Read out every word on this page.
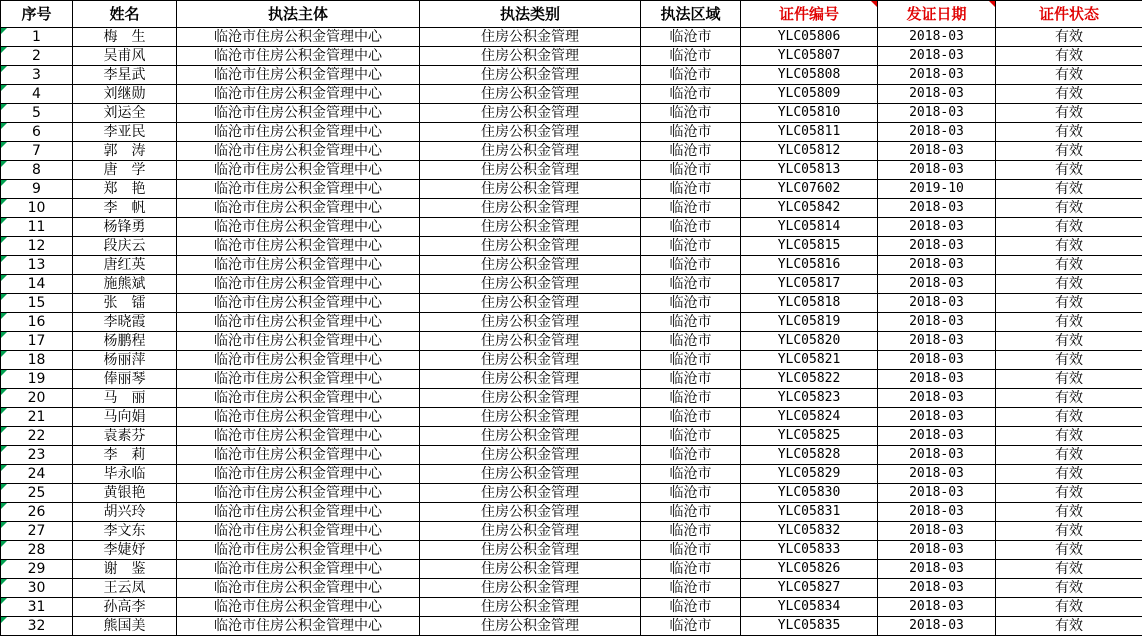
序号	姓名	执法主体	执法类别	执法区域	证件编号	发证日期	证件状态

1	梅　生	临沧市住房公积金管理中心	住房公积金管理	临沧市	YLC05806	2018-03	有效

2	吴甫风	临沧市住房公积金管理中心	住房公积金管理	临沧市	YLC05807	2018-03	有效

3	李星武	临沧市住房公积金管理中心	住房公积金管理	临沧市	YLC05808	2018-03	有效

4	刘继勋	临沧市住房公积金管理中心	住房公积金管理	临沧市	YLC05809	2018-03	有效

5	刘运全	临沧市住房公积金管理中心	住房公积金管理	临沧市	YLC05810	2018-03	有效

6	李亚民	临沧市住房公积金管理中心	住房公积金管理	临沧市	YLC05811	2018-03	有效

7	郭　涛	临沧市住房公积金管理中心	住房公积金管理	临沧市	YLC05812	2018-03	有效

8	唐　学	临沧市住房公积金管理中心	住房公积金管理	临沧市	YLC05813	2018-03	有效

9	郑　艳	临沧市住房公积金管理中心	住房公积金管理	临沧市	YLC07602	2019-10	有效

10	李　帆	临沧市住房公积金管理中心	住房公积金管理	临沧市	YLC05842	2018-03	有效

11	杨锋勇	临沧市住房公积金管理中心	住房公积金管理	临沧市	YLC05814	2018-03	有效

12	段庆云	临沧市住房公积金管理中心	住房公积金管理	临沧市	YLC05815	2018-03	有效

13	唐红英	临沧市住房公积金管理中心	住房公积金管理	临沧市	YLC05816	2018-03	有效

14	施熊斌	临沧市住房公积金管理中心	住房公积金管理	临沧市	YLC05817	2018-03	有效

15	张　镭	临沧市住房公积金管理中心	住房公积金管理	临沧市	YLC05818	2018-03	有效

16	李晓霞	临沧市住房公积金管理中心	住房公积金管理	临沧市	YLC05819	2018-03	有效

17	杨鹏程	临沧市住房公积金管理中心	住房公积金管理	临沧市	YLC05820	2018-03	有效

18	杨丽萍	临沧市住房公积金管理中心	住房公积金管理	临沧市	YLC05821	2018-03	有效

19	俸丽琴	临沧市住房公积金管理中心	住房公积金管理	临沧市	YLC05822	2018-03	有效

20	马　丽	临沧市住房公积金管理中心	住房公积金管理	临沧市	YLC05823	2018-03	有效

21	马向娟	临沧市住房公积金管理中心	住房公积金管理	临沧市	YLC05824	2018-03	有效

22	袁素芬	临沧市住房公积金管理中心	住房公积金管理	临沧市	YLC05825	2018-03	有效

23	李　莉	临沧市住房公积金管理中心	住房公积金管理	临沧市	YLC05828	2018-03	有效

24	毕永临	临沧市住房公积金管理中心	住房公积金管理	临沧市	YLC05829	2018-03	有效

25	黄银艳	临沧市住房公积金管理中心	住房公积金管理	临沧市	YLC05830	2018-03	有效

26	胡兴玲	临沧市住房公积金管理中心	住房公积金管理	临沧市	YLC05831	2018-03	有效

27	李文东	临沧市住房公积金管理中心	住房公积金管理	临沧市	YLC05832	2018-03	有效

28	李婕妤	临沧市住房公积金管理中心	住房公积金管理	临沧市	YLC05833	2018-03	有效

29	谢　鉴	临沧市住房公积金管理中心	住房公积金管理	临沧市	YLC05826	2018-03	有效

30	王云凤	临沧市住房公积金管理中心	住房公积金管理	临沧市	YLC05827	2018-03	有效

31	孙高李	临沧市住房公积金管理中心	住房公积金管理	临沧市	YLC05834	2018-03	有效

32	熊国美	临沧市住房公积金管理中心	住房公积金管理	临沧市	YLC05835	2018-03	有效
